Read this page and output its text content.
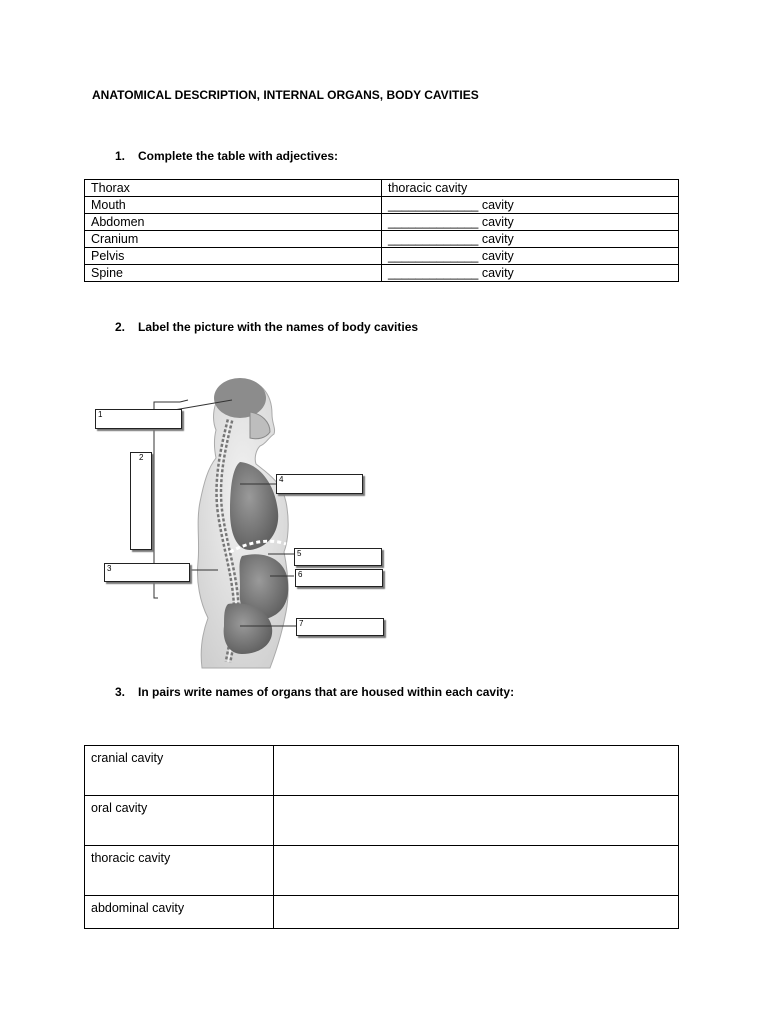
ANATOMICAL DESCRIPTION, INTERNAL ORGANS, BODY CAVITIES
1. Complete the table with adjectives:
Thorax	thoracic cavity
Mouth	_____________ cavity
Abdomen	_____________ cavity
Cranium	_____________ cavity
Pelvis	_____________ cavity
Spine	_____________ cavity
2. Label the picture with the names of body cavities
1
2
3
4
5
6
7
3. In pairs write names of organs that are housed within each cavity:
cranial cavity	
oral cavity	
thoracic cavity	
abdominal cavity	
